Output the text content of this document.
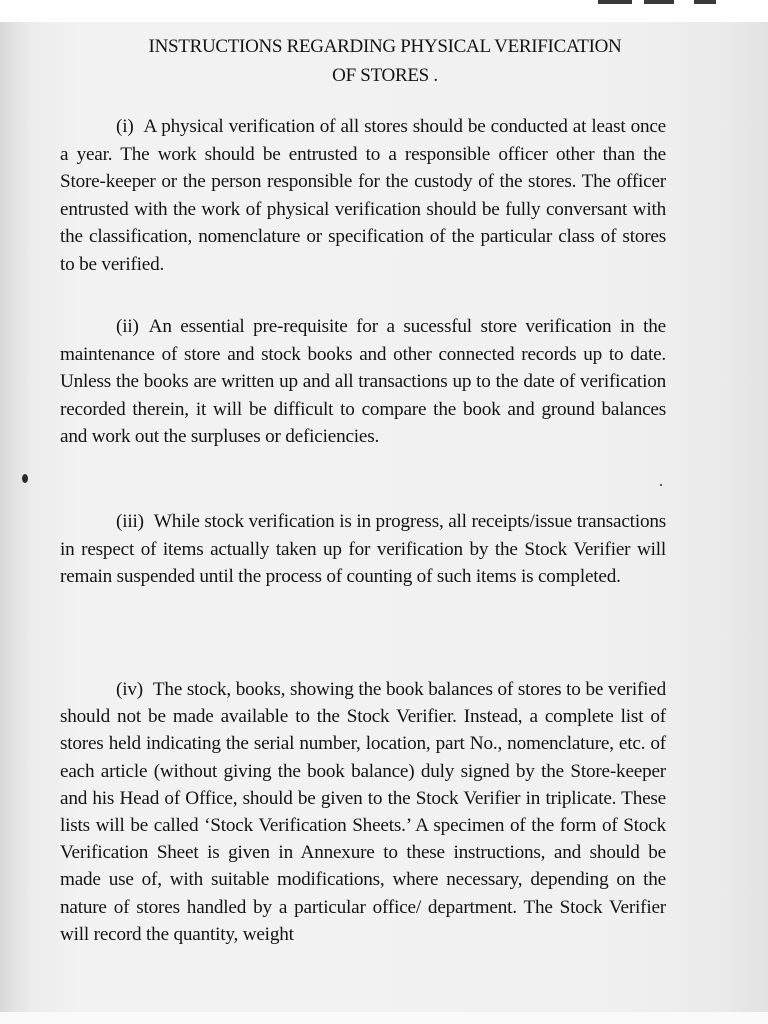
INSTRUCTIONS REGARDING PHYSICAL VERIFICATION
OF STORES .

(i) A physical verification of all stores should be conducted at least once a year. The work should be entrusted to a responsible officer other than the Store-keeper or the person responsible for the custody of the stores. The officer entrusted with the work of physical verification should be fully conversant with the classification, nomenclature or specification of the particular class of stores to be verified.

(ii) An essential pre-requisite for a sucessful store verification in the maintenance of store and stock books and other connected records up to date. Unless the books are written up and all transactions up to the date of verification recorded therein, it will be difficult to compare the book and ground balances and work out the surpluses or deficiencies.

(iii) While stock verification is in progress, all receipts/issue transactions in respect of items actually taken up for verification by the Stock Verifier will remain suspended until the process of counting of such items is completed.

(iv) The stock, books, showing the book balances of stores to be verified should not be made available to the Stock Verifier. Instead, a complete list of stores held indicating the serial number, location, part No., nomenclature, etc. of each article (without giving the book balance) duly signed by the Store-keeper and his Head of Office, should be given to the Stock Verifier in triplicate. These lists will be called ‘Stock Verification Sheets.’ A specimen of the form of Stock Verification Sheet is given in Annexure to these instructions, and should be made use of, with suitable modifications, where necessary, depending on the nature of stores handled by a particular office/ department. The Stock Verifier will record the quantity, weight
